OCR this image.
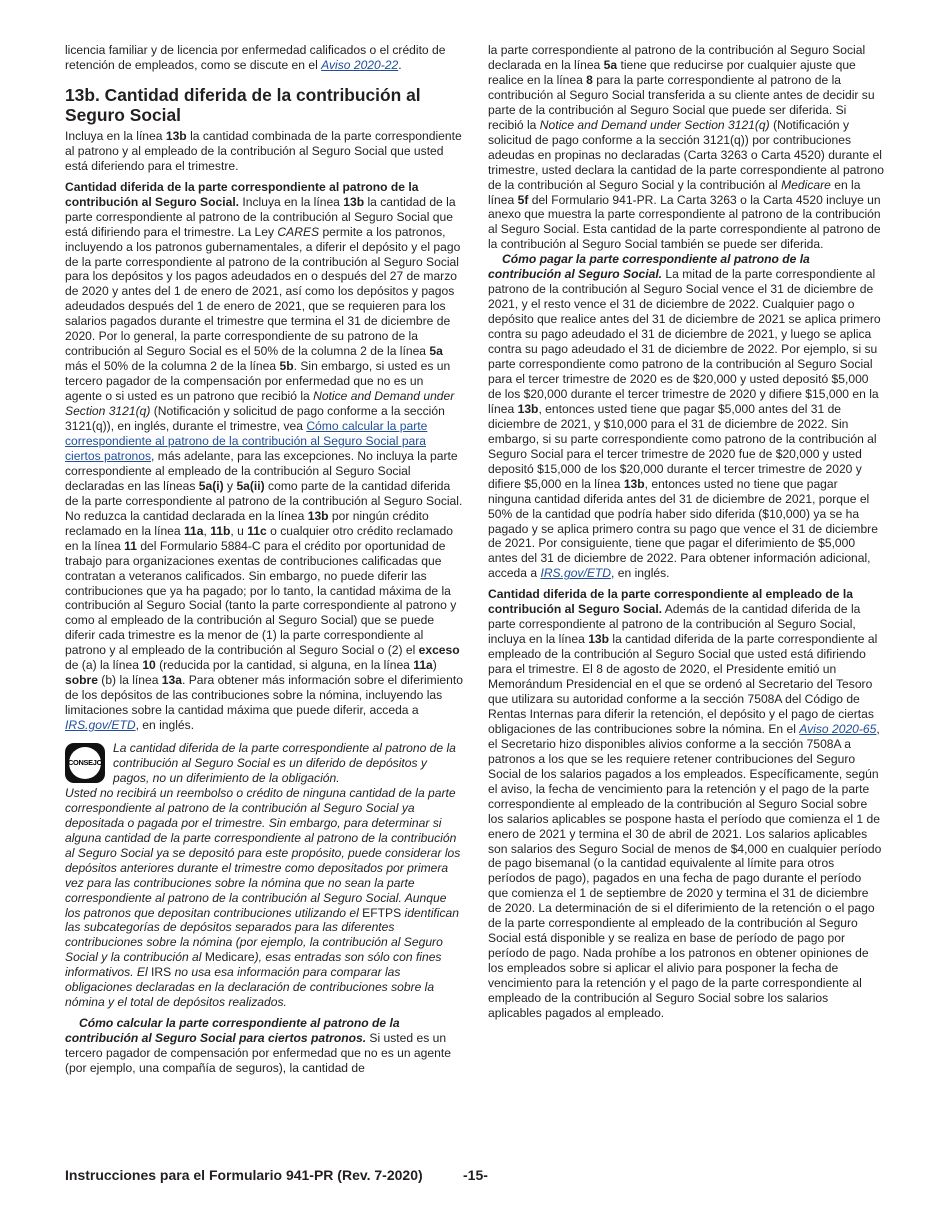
licencia familiar y de licencia por enfermedad calificados o el crédito de retención de empleados, como se discute en el Aviso 2020-22.

13b. Cantidad diferida de la contribución al Seguro Social

Incluya en la línea 13b la cantidad combinada de la parte correspondiente al patrono y al empleado de la contribución al Seguro Social que usted está diferiendo para el trimestre.

Cantidad diferida de la parte correspondiente al patrono de la contribución al Seguro Social. Incluya en la línea 13b la cantidad de la parte correspondiente al patrono de la contribución al Seguro Social que está difiriendo para el trimestre. La Ley CARES permite a los patronos, incluyendo a los patronos gubernamentales, a diferir el depósito y el pago de la parte correspondiente al patrono de la contribución al Seguro Social para los depósitos y los pagos adeudados en o después del 27 de marzo de 2020 y antes del 1 de enero de 2021, así como los depósitos y pagos adeudados después del 1 de enero de 2021, que se requieren para los salarios pagados durante el trimestre que termina el 31 de diciembre de 2020. Por lo general, la parte correspondiente de su patrono de la contribución al Seguro Social es el 50% de la columna 2 de la línea 5a más el 50% de la columna 2 de la línea 5b. Sin embargo, si usted es un tercero pagador de la compensación por enfermedad que no es un agente o si usted es un patrono que recibió la Notice and Demand under Section 3121(q) (Notificación y solicitud de pago conforme a la sección 3121(q)), en inglés, durante el trimestre, vea Cómo calcular la parte correspondiente al patrono de la contribución al Seguro Social para ciertos patronos, más adelante, para las excepciones. No incluya la parte correspondiente al empleado de la contribución al Seguro Social declaradas en las líneas 5a(i) y 5a(ii) como parte de la cantidad diferida de la parte correspondiente al patrono de la contribución al Seguro Social. No reduzca la cantidad declarada en la línea 13b por ningún crédito reclamado en la línea 11a, 11b, u 11c o cualquier otro crédito reclamado en la línea 11 del Formulario 5884-C para el crédito por oportunidad de trabajo para organizaciones exentas de contribuciones calificadas que contratan a veteranos calificados. Sin embargo, no puede diferir las contribuciones que ya ha pagado; por lo tanto, la cantidad máxima de la contribución al Seguro Social (tanto la parte correspondiente al patrono y como al empleado de la contribución al Seguro Social) que se puede diferir cada trimestre es la menor de (1) la parte correspondiente al patrono y al empleado de la contribución al Seguro Social o (2) el exceso de (a) la línea 10 (reducida por la cantidad, si alguna, en la línea 11a) sobre (b) la línea 13a. Para obtener más información sobre el diferimiento de los depósitos de las contribuciones sobre la nómina, incluyendo las limitaciones sobre la cantidad máxima que puede diferir, acceda a IRS.gov/ETD, en inglés.

CONSEJO

La cantidad diferida de la parte correspondiente al patrono de la contribución al Seguro Social es un diferido de depósitos y pagos, no un diferimiento de la obligación.
Usted no recibirá un reembolso o crédito de ninguna cantidad de la parte correspondiente al patrono de la contribución al Seguro Social ya depositada o pagada por el trimestre. Sin embargo, para determinar si alguna cantidad de la parte correspondiente al patrono de la contribución al Seguro Social ya se depositó para este propósito, puede considerar los depósitos anteriores durante el trimestre como depositados por primera vez para las contribuciones sobre la nómina que no sean la parte correspondiente al patrono de la contribución al Seguro Social. Aunque los patronos que depositan contribuciones utilizando el EFTPS identifican las subcategorías de depósitos separados para las diferentes contribuciones sobre la nómina (por ejemplo, la contribución al Seguro Social y la contribución al Medicare), esas entradas son sólo con fines informativos. El IRS no usa esa información para comparar las obligaciones declaradas en la declaración de contribuciones sobre la nómina y el total de depósitos realizados.

Cómo calcular la parte correspondiente al patrono de la contribución al Seguro Social para ciertos patronos. Si usted es un tercero pagador de compensación por enfermedad que no es un agente (por ejemplo, una compañía de seguros), la cantidad de

la parte correspondiente al patrono de la contribución al Seguro Social declarada en la línea 5a tiene que reducirse por cualquier ajuste que realice en la línea 8 para la parte correspondiente al patrono de la contribución al Seguro Social transferida a su cliente antes de decidir su parte de la contribución al Seguro Social que puede ser diferida. Si recibió la Notice and Demand under Section 3121(q) (Notificación y solicitud de pago conforme a la sección 3121(q)) por contribuciones adeudas en propinas no declaradas (Carta 3263 o Carta 4520) durante el trimestre, usted declara la cantidad de la parte correspondiente al patrono de la contribución al Seguro Social y la contribución al Medicare en la línea 5f del Formulario 941-PR. La Carta 3263 o la Carta 4520 incluye un anexo que muestra la parte correspondiente al patrono de la contribución al Seguro Social. Esta cantidad de la parte correspondiente al patrono de la contribución al Seguro Social también se puede ser diferida.

Cómo pagar la parte correspondiente al patrono de la contribución al Seguro Social. La mitad de la parte correspondiente al patrono de la contribución al Seguro Social vence el 31 de diciembre de 2021, y el resto vence el 31 de diciembre de 2022. Cualquier pago o depósito que realice antes del 31 de diciembre de 2021 se aplica primero contra su pago adeudado el 31 de diciembre de 2021, y luego se aplica contra su pago adeudado el 31 de diciembre de 2022. Por ejemplo, si su parte correspondiente como patrono de la contribución al Seguro Social para el tercer trimestre de 2020 es de $20,000 y usted depositó $5,000 de los $20,000 durante el tercer trimestre de 2020 y difiere $15,000 en la línea 13b, entonces usted tiene que pagar $5,000 antes del 31 de diciembre de 2021, y $10,000 para el 31 de diciembre de 2022. Sin embargo, si su parte correspondiente como patrono de la contribución al Seguro Social para el tercer trimestre de 2020 fue de $20,000 y usted depositó $15,000 de los $20,000 durante el tercer trimestre de 2020 y difiere $5,000 en la línea 13b, entonces usted no tiene que pagar ninguna cantidad diferida antes del 31 de diciembre de 2021, porque el 50% de la cantidad que podría haber sido diferida ($10,000) ya se ha pagado y se aplica primero contra su pago que vence el 31 de diciembre de 2021. Por consiguiente, tiene que pagar el diferimiento de $5,000 antes del 31 de diciembre de 2022. Para obtener información adicional, acceda a IRS.gov/ETD, en inglés.

Cantidad diferida de la parte correspondiente al empleado de la contribución al Seguro Social. Además de la cantidad diferida de la parte correspondiente al patrono de la contribución al Seguro Social, incluya en la línea 13b la cantidad diferida de la parte correspondiente al empleado de la contribución al Seguro Social que usted está difiriendo para el trimestre. El 8 de agosto de 2020, el Presidente emitió un Memorándum Presidencial en el que se ordenó al Secretario del Tesoro que utilizara su autoridad conforme a la sección 7508A del Código de Rentas Internas para diferir la retención, el depósito y el pago de ciertas obligaciones de las contribuciones sobre la nómina. En el Aviso 2020-65, el Secretario hizo disponibles alivios conforme a la sección 7508A a patronos a los que se les requiere retener contribuciones del Seguro Social de los salarios pagados a los empleados. Específicamente, según el aviso, la fecha de vencimiento para la retención y el pago de la parte correspondiente al empleado de la contribución al Seguro Social sobre los salarios aplicables se pospone hasta el período que comienza el 1 de enero de 2021 y termina el 30 de abril de 2021. Los salarios aplicables son salarios des Seguro Social de menos de $4,000 en cualquier período de pago bisemanal (o la cantidad equivalente al límite para otros períodos de pago), pagados en una fecha de pago durante el período que comienza el 1 de septiembre de 2020 y termina el 31 de diciembre de 2020. La determinación de si el diferimiento de la retención o el pago de la parte correspondiente al empleado de la contribución al Seguro Social está disponible y se realiza en base de período de pago por período de pago. Nada prohíbe a los patronos en obtener opiniones de los empleados sobre si aplicar el alivio para posponer la fecha de vencimiento para la retención y el pago de la parte correspondiente al empleado de la contribución al Seguro Social sobre los salarios aplicables pagados al empleado.

Instrucciones para el Formulario 941-PR (Rev. 7-2020)	-15-
